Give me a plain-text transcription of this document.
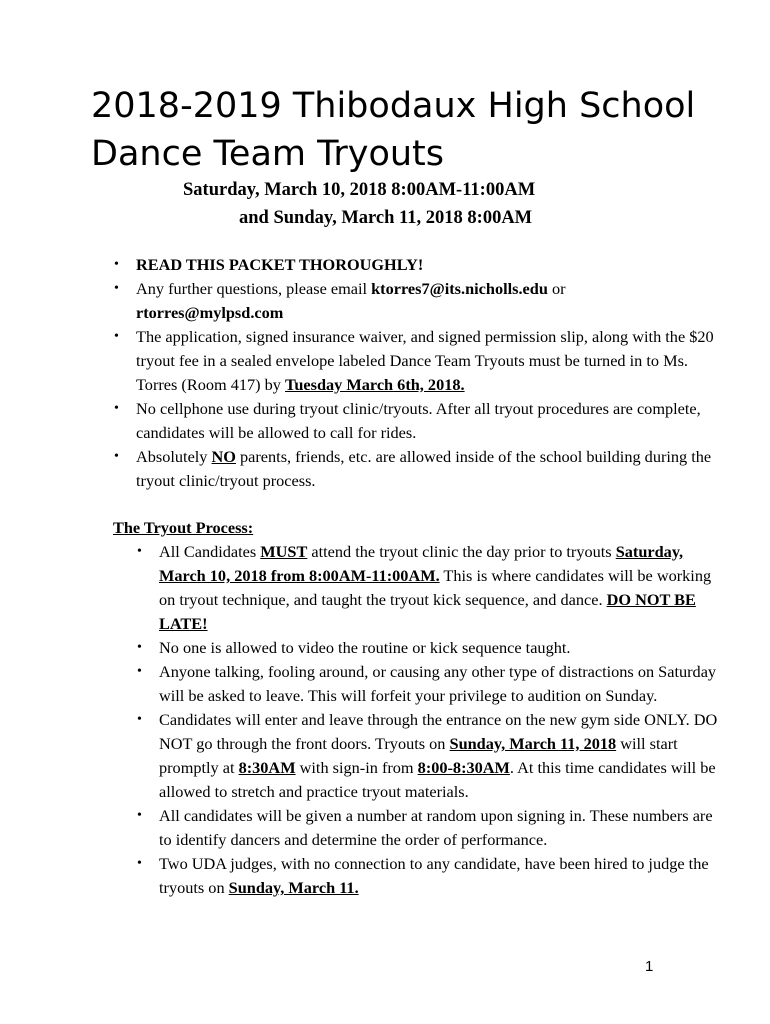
2018-2019 Thibodaux High School Dance Team Tryouts
Saturday, March 10, 2018 8:00AM-11:00AM
and Sunday, March 11, 2018 8:00AM
• READ THIS PACKET THOROUGHLY!
• Any further questions, please email ktorres7@its.nicholls.edu or
rtorres@mylpsd.com
• The application, signed insurance waiver, and signed permission slip, along with the $20 tryout fee in a sealed envelope labeled Dance Team Tryouts must be turned in to Ms. Torres (Room 417) by Tuesday March 6th, 2018.
• No cellphone use during tryout clinic/tryouts. After all tryout procedures are complete, candidates will be allowed to call for rides.
• Absolutely NO parents, friends, etc. are allowed inside of the school building during the tryout clinic/tryout process.
The Tryout Process:
• All Candidates MUST attend the tryout clinic the day prior to tryouts Saturday, March 10, 2018 from 8:00AM-11:00AM. This is where candidates will be working on tryout technique, and taught the tryout kick sequence, and dance. DO NOT BE LATE!
• No one is allowed to video the routine or kick sequence taught.
• Anyone talking, fooling around, or causing any other type of distractions on Saturday will be asked to leave. This will forfeit your privilege to audition on Sunday.
• Candidates will enter and leave through the entrance on the new gym side ONLY. DO NOT go through the front doors. Tryouts on Sunday, March 11, 2018 will start promptly at 8:30AM with sign-in from 8:00-8:30AM. At this time candidates will be allowed to stretch and practice tryout materials.
• All candidates will be given a number at random upon signing in. These numbers are to identify dancers and determine the order of performance.
• Two UDA judges, with no connection to any candidate, have been hired to judge the tryouts on Sunday, March 11.
1
